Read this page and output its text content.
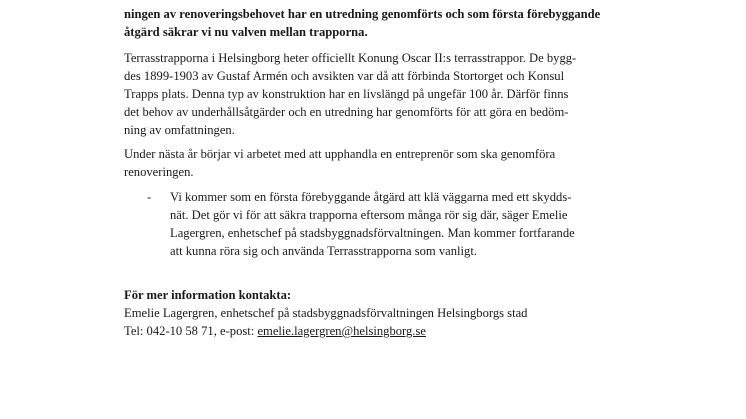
ningen av renoveringsbehovet har en utredning genomförts och som första förebyggande
åtgärd säkrar vi nu valven mellan trapporna.
Terrasstrapporna i Helsingborg heter officiellt Konung Oscar II:s terrasstrappor. De bygg-
des 1899-1903 av Gustaf Armén och avsikten var då att förbinda Stortorget och Konsul
Trapps plats. Denna typ av konstruktion har en livslängd på ungefär 100 år. Därför finns
det behov av underhållsåtgärder och en utredning har genomförts för att göra en bedöm-
ning av omfattningen.
Under nästa år börjar vi arbetet med att upphandla en entreprenör som ska genomföra
renoveringen.
- Vi kommer som en första förebyggande åtgärd att klä väggarna med ett skydds-
nät. Det gör vi för att säkra trapporna eftersom många rör sig där, säger Emelie
Lagergren, enhetschef på stadsbyggnadsförvaltningen. Man kommer fortfarande
att kunna röra sig och använda Terrasstrapporna som vanligt.
För mer information kontakta:
Emelie Lagergren, enhetschef på stadsbyggnadsförvaltningen Helsingborgs stad
Tel: 042-10 58 71, e-post: emelie.lagergren@helsingborg.se
